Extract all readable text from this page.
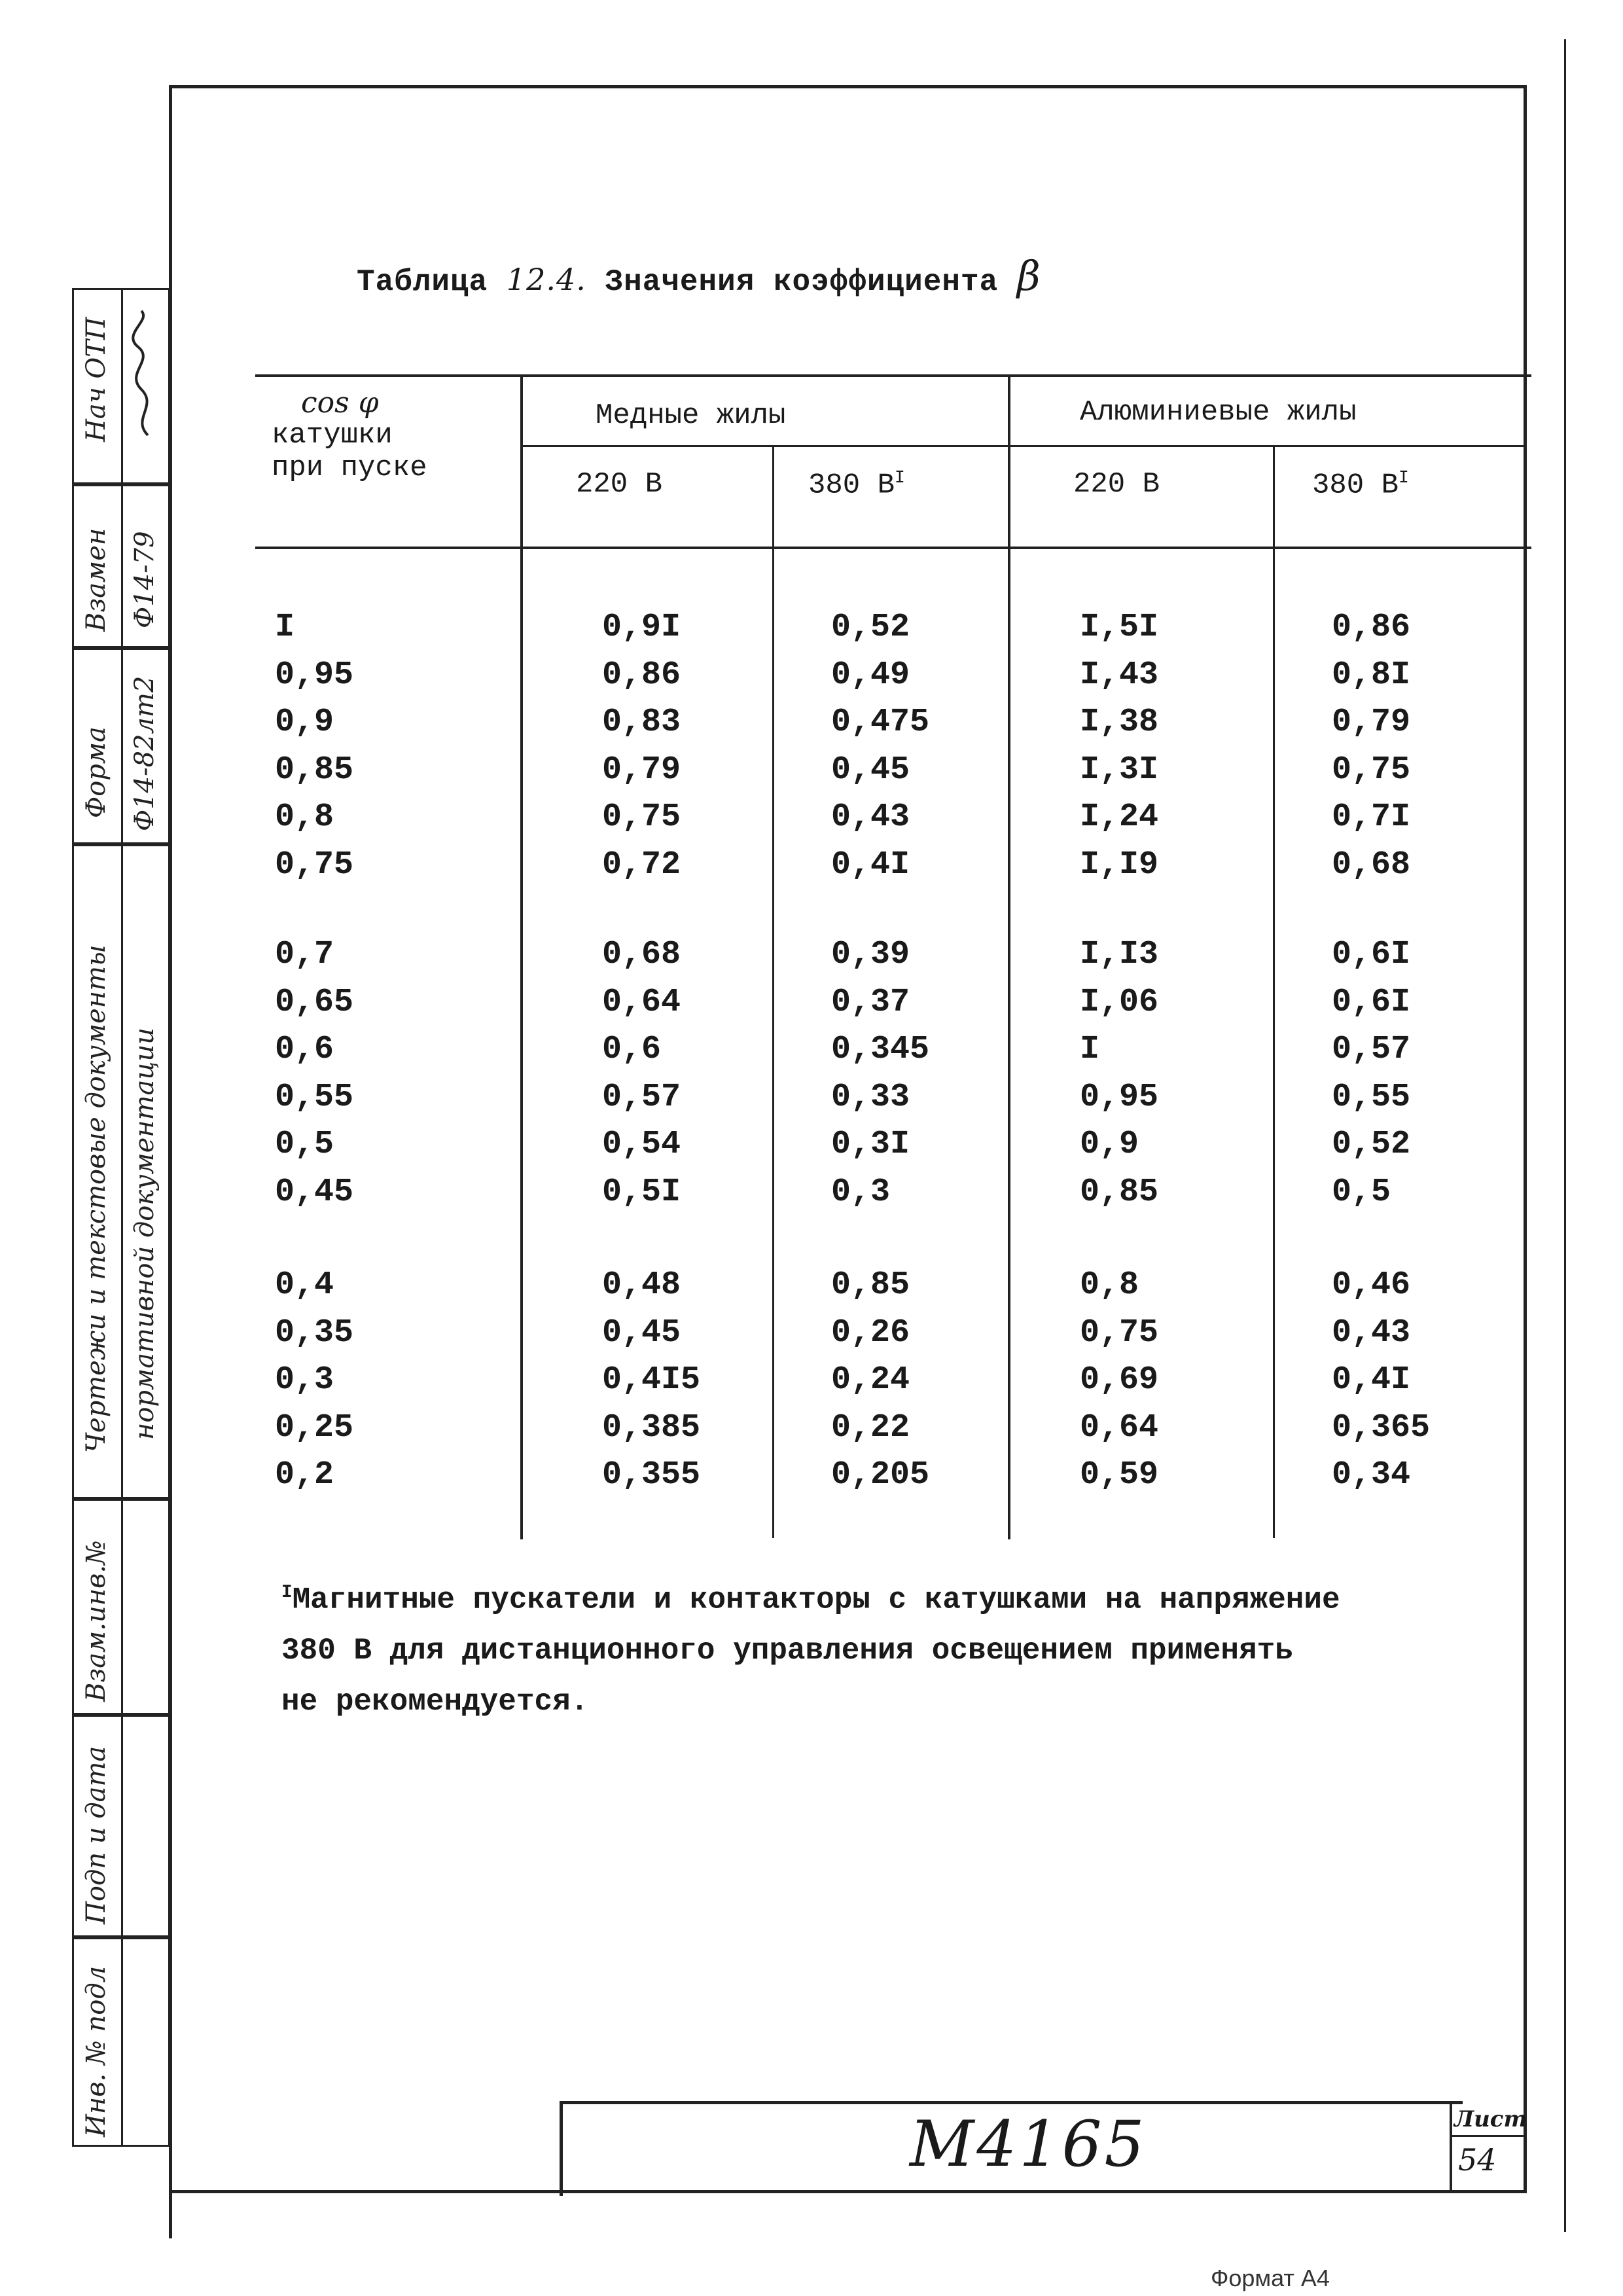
Нач ОТП
Взамен Ф14-79
Форма Ф14-82лт2
Чертежи и текстовые документы нормативной документации
Взам.инв.№
Подп и дата
Инв. № подл
Таблица 12.4. Значения коэффициента β
cos φ
катушки
при пуске
Медные жилы	Алюминиевые жилы
220 В	380 $В^I$	220 В	380 $В^I$
I	0,9I	0,52	I,5I	0,86
0,95	0,86	0,49	I,43	0,8I
0,9	0,83	0,475	I,38	0,79
0,85	0,79	0,45	I,3I	0,75
0,8	0,75	0,43	I,24	0,7I
0,75	0,72	0,4I	I,I9	0,68
0,7	0,68	0,39	I,I3	0,6I
0,65	0,64	0,37	I,06	0,6I
0,6	0,6	0,345	I	0,57
0,55	0,57	0,33	0,95	0,55
0,5	0,54	0,3I	0,9	0,52
0,45	0,5I	0,3	0,85	0,5
0,4	0,48	0,85	0,8	0,46
0,35	0,45	0,26	0,75	0,43
0,3	0,4I5	0,24	0,69	0,4I
0,25	0,385	0,22	0,64	0,365
0,2	0,355	0,205	0,59	0,34

$^I$Магнитные пускатели и контакторы с катушками на напряжение

380 В для дистанционного управления освещением применять

не рекомендуется.

М4165	Лист
54
Формат А4
